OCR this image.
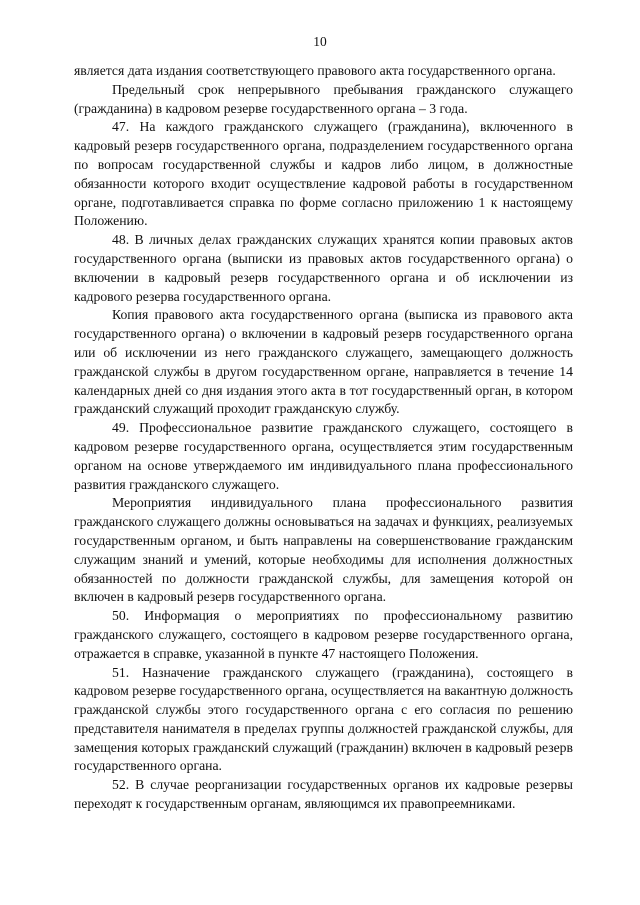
10

является дата издания соответствующего правового акта государственного органа.

Предельный срок непрерывного пребывания гражданского служащего (гражданина) в кадровом резерве государственного органа – 3 года.

47. На каждого гражданского служащего (гражданина), включенного в кадровый резерв государственного органа, подразделением государственного органа по вопросам государственной службы и кадров либо лицом, в должностные обязанности которого входит осуществление кадровой работы в государственном органе, подготавливается справка по форме согласно приложению 1 к настоящему Положению.

48. В личных делах гражданских служащих хранятся копии правовых актов государственного органа (выписки из правовых актов государственного органа) о включении в кадровый резерв государственного органа и об исключении из кадрового резерва государственного органа.

Копия правового акта государственного органа (выписка из правового акта государственного органа) о включении в кадровый резерв государственного органа или об исключении из него гражданского служащего, замещающего должность гражданской службы в другом государственном органе, направляется в течение 14 календарных дней со дня издания этого акта в тот государственный орган, в котором гражданский служащий проходит гражданскую службу.

49. Профессиональное развитие гражданского служащего, состоящего в кадровом резерве государственного органа, осуществляется этим государственным органом на основе утверждаемого им индивидуального плана профессионального развития гражданского служащего.

Мероприятия индивидуального плана профессионального развития гражданского служащего должны основываться на задачах и функциях, реализуемых государственным органом, и быть направлены на совершенствование гражданским служащим знаний и умений, которые необходимы для исполнения должностных обязанностей по должности гражданской службы, для замещения которой он включен в кадровый резерв государственного органа.

50. Информация о мероприятиях по профессиональному развитию гражданского служащего, состоящего в кадровом резерве государственного органа, отражается в справке, указанной в пункте 47 настоящего Положения.

51. Назначение гражданского служащего (гражданина), состоящего в кадровом резерве государственного органа, осуществляется на вакантную должность гражданской службы этого государственного органа с его согласия по решению представителя нанимателя в пределах группы должностей гражданской службы, для замещения которых гражданский служащий (гражданин) включен в кадровый резерв государственного органа.

52. В случае реорганизации государственных органов их кадровые резервы переходят к государственным органам, являющимся их правопреемниками.
